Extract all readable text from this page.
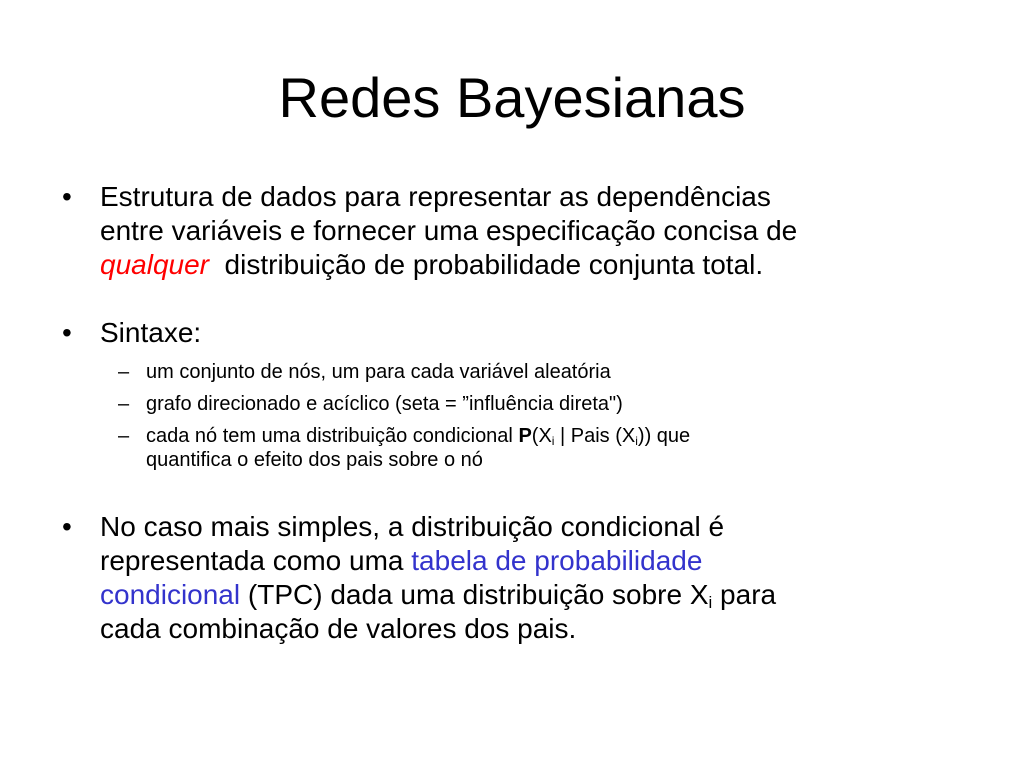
Redes Bayesianas
• Estrutura de dados para representar as dependências
entre variáveis e fornecer uma especificação concisa de
qualquer distribuição de probabilidade conjunta total.
• Sintaxe:
– um conjunto de nós, um para cada variável aleatória
– grafo direcionado e acíclico (seta = ”influência direta")
– cada nó tem uma distribuição condicional $P(X_i$ | Pais $(X_i)$) que
quantifica o efeito dos pais sobre o nó
• No caso mais simples, a distribuição condicional é
representada como uma tabela de probabilidade
condicional (TPC) dada uma distribuição sobre $X_i$ para
cada combinação de valores dos pais.
